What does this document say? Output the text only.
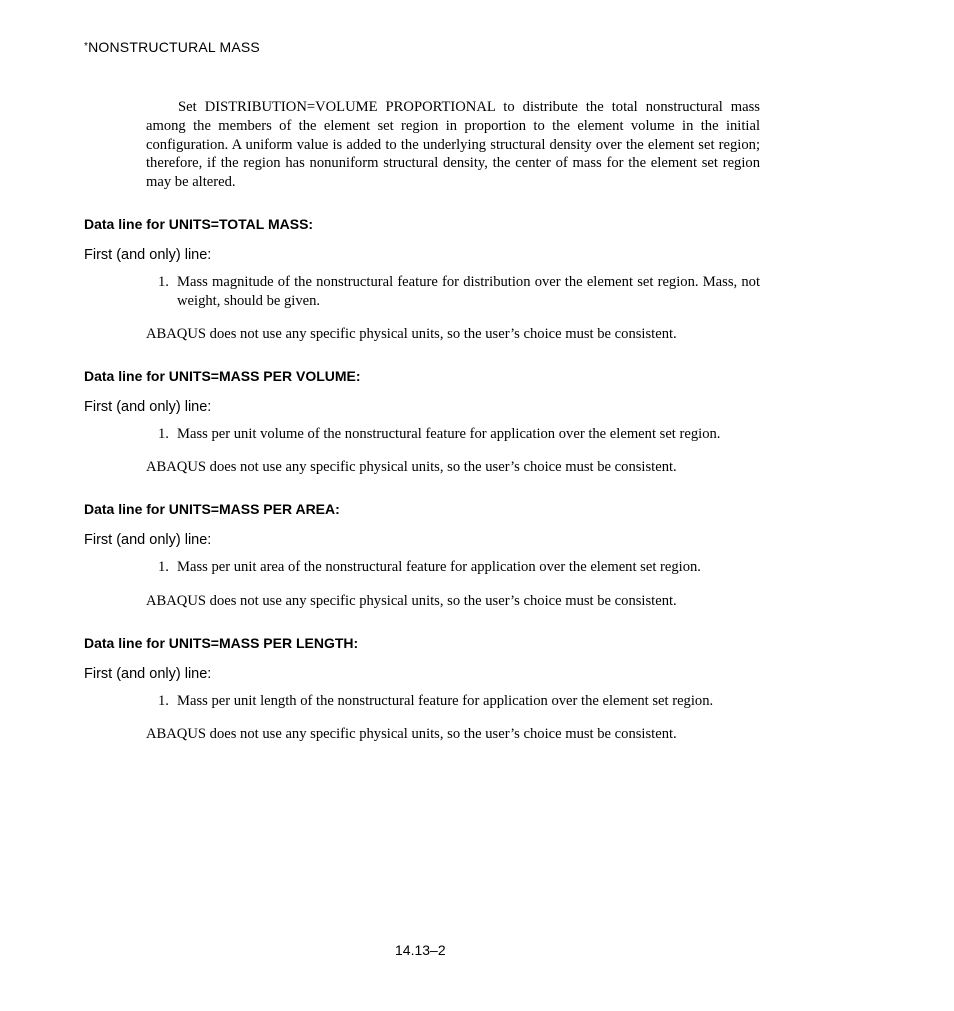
*NONSTRUCTURAL MASS

Set DISTRIBUTION=VOLUME PROPORTIONAL to distribute the total nonstructural mass among the members of the element set region in proportion to the element volume in the initial configuration. A uniform value is added to the underlying structural density over the element set region; therefore, if the region has nonuniform structural density, the center of mass for the element set region may be altered.

Data line for UNITS=TOTAL MASS:
First (and only) line:
1. Mass magnitude of the nonstructural feature for distribution over the element set region. Mass, not weight, should be given.
ABAQUS does not use any specific physical units, so the user’s choice must be consistent.
Data line for UNITS=MASS PER VOLUME:
First (and only) line:
1. Mass per unit volume of the nonstructural feature for application over the element set region.
ABAQUS does not use any specific physical units, so the user’s choice must be consistent.
Data line for UNITS=MASS PER AREA:
First (and only) line:
1. Mass per unit area of the nonstructural feature for application over the element set region.
ABAQUS does not use any specific physical units, so the user’s choice must be consistent.
Data line for UNITS=MASS PER LENGTH:
First (and only) line:
1. Mass per unit length of the nonstructural feature for application over the element set region.
ABAQUS does not use any specific physical units, so the user’s choice must be consistent.
14.13–2
